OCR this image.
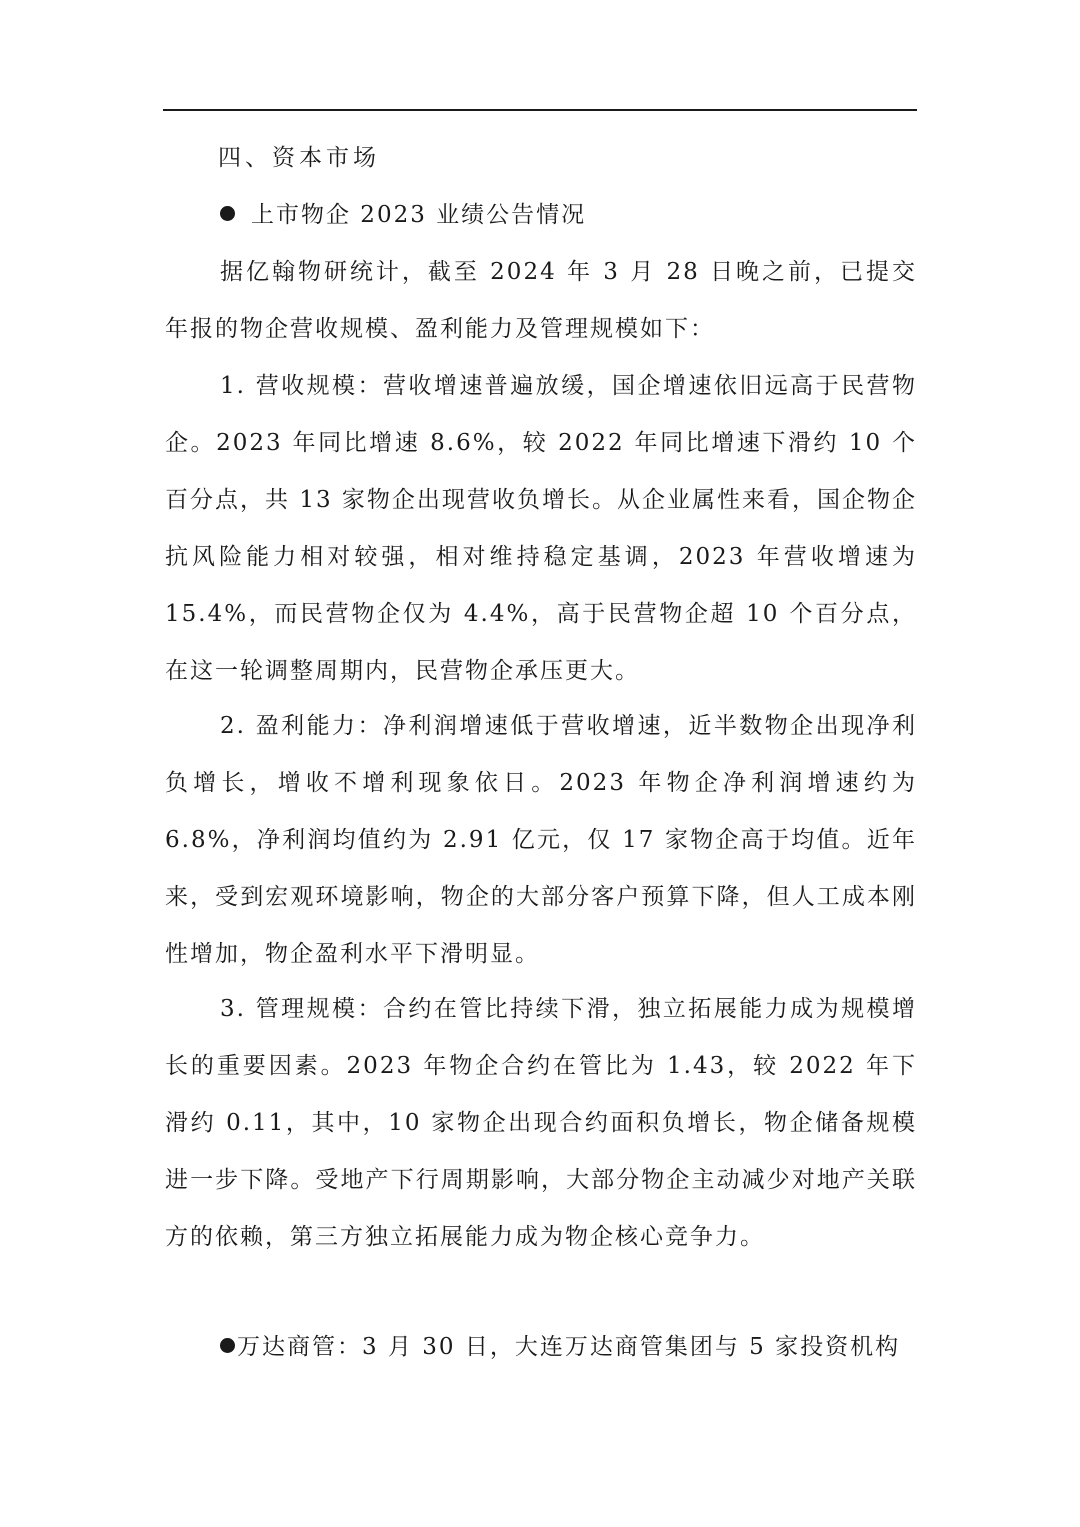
四、资本市场
上市物企 2023 业绩公告情况

据亿翰物研统计，截至 2024 年 3 月 28 日晚之前，已提交年报的物企营收规模、盈利能力及管理规模如下：

1. 营收规模：营收增速普遍放缓，国企增速依旧远高于民营物企。2023 年同比增速 8.6%，较 2022 年同比增速下滑约 10 个百分点，共 13 家物企出现营收负增长。从企业属性来看，国企物企抗风险能力相对较强，相对维持稳定基调，2023 年营收增速为 15.4%，而民营物企仅为 4.4%，高于民营物企超 10 个百分点，在这一轮调整周期内，民营物企承压更大。

2. 盈利能力：净利润增速低于营收增速，近半数物企出现净利负增长，增收不增利现象依日。2023 年物企净利润增速约为 6.8%，净利润均值约为 2.91 亿元，仅 17 家物企高于均值。近年来，受到宏观环境影响，物企的大部分客户预算下降，但人工成本刚性增加，物企盈利水平下滑明显。

3. 管理规模：合约在管比持续下滑，独立拓展能力成为规模增长的重要因素。2023 年物企合约在管比为 1.43，较 2022 年下滑约 0.11，其中，10 家物企出现合约面积负增长，物企储备规模进一步下降。受地产下行周期影响，大部分物企主动减少对地产关联方的依赖，第三方独立拓展能力成为物企核心竞争力。

万达商管：3 月 30 日，大连万达商管集团与 5 家投资机构
